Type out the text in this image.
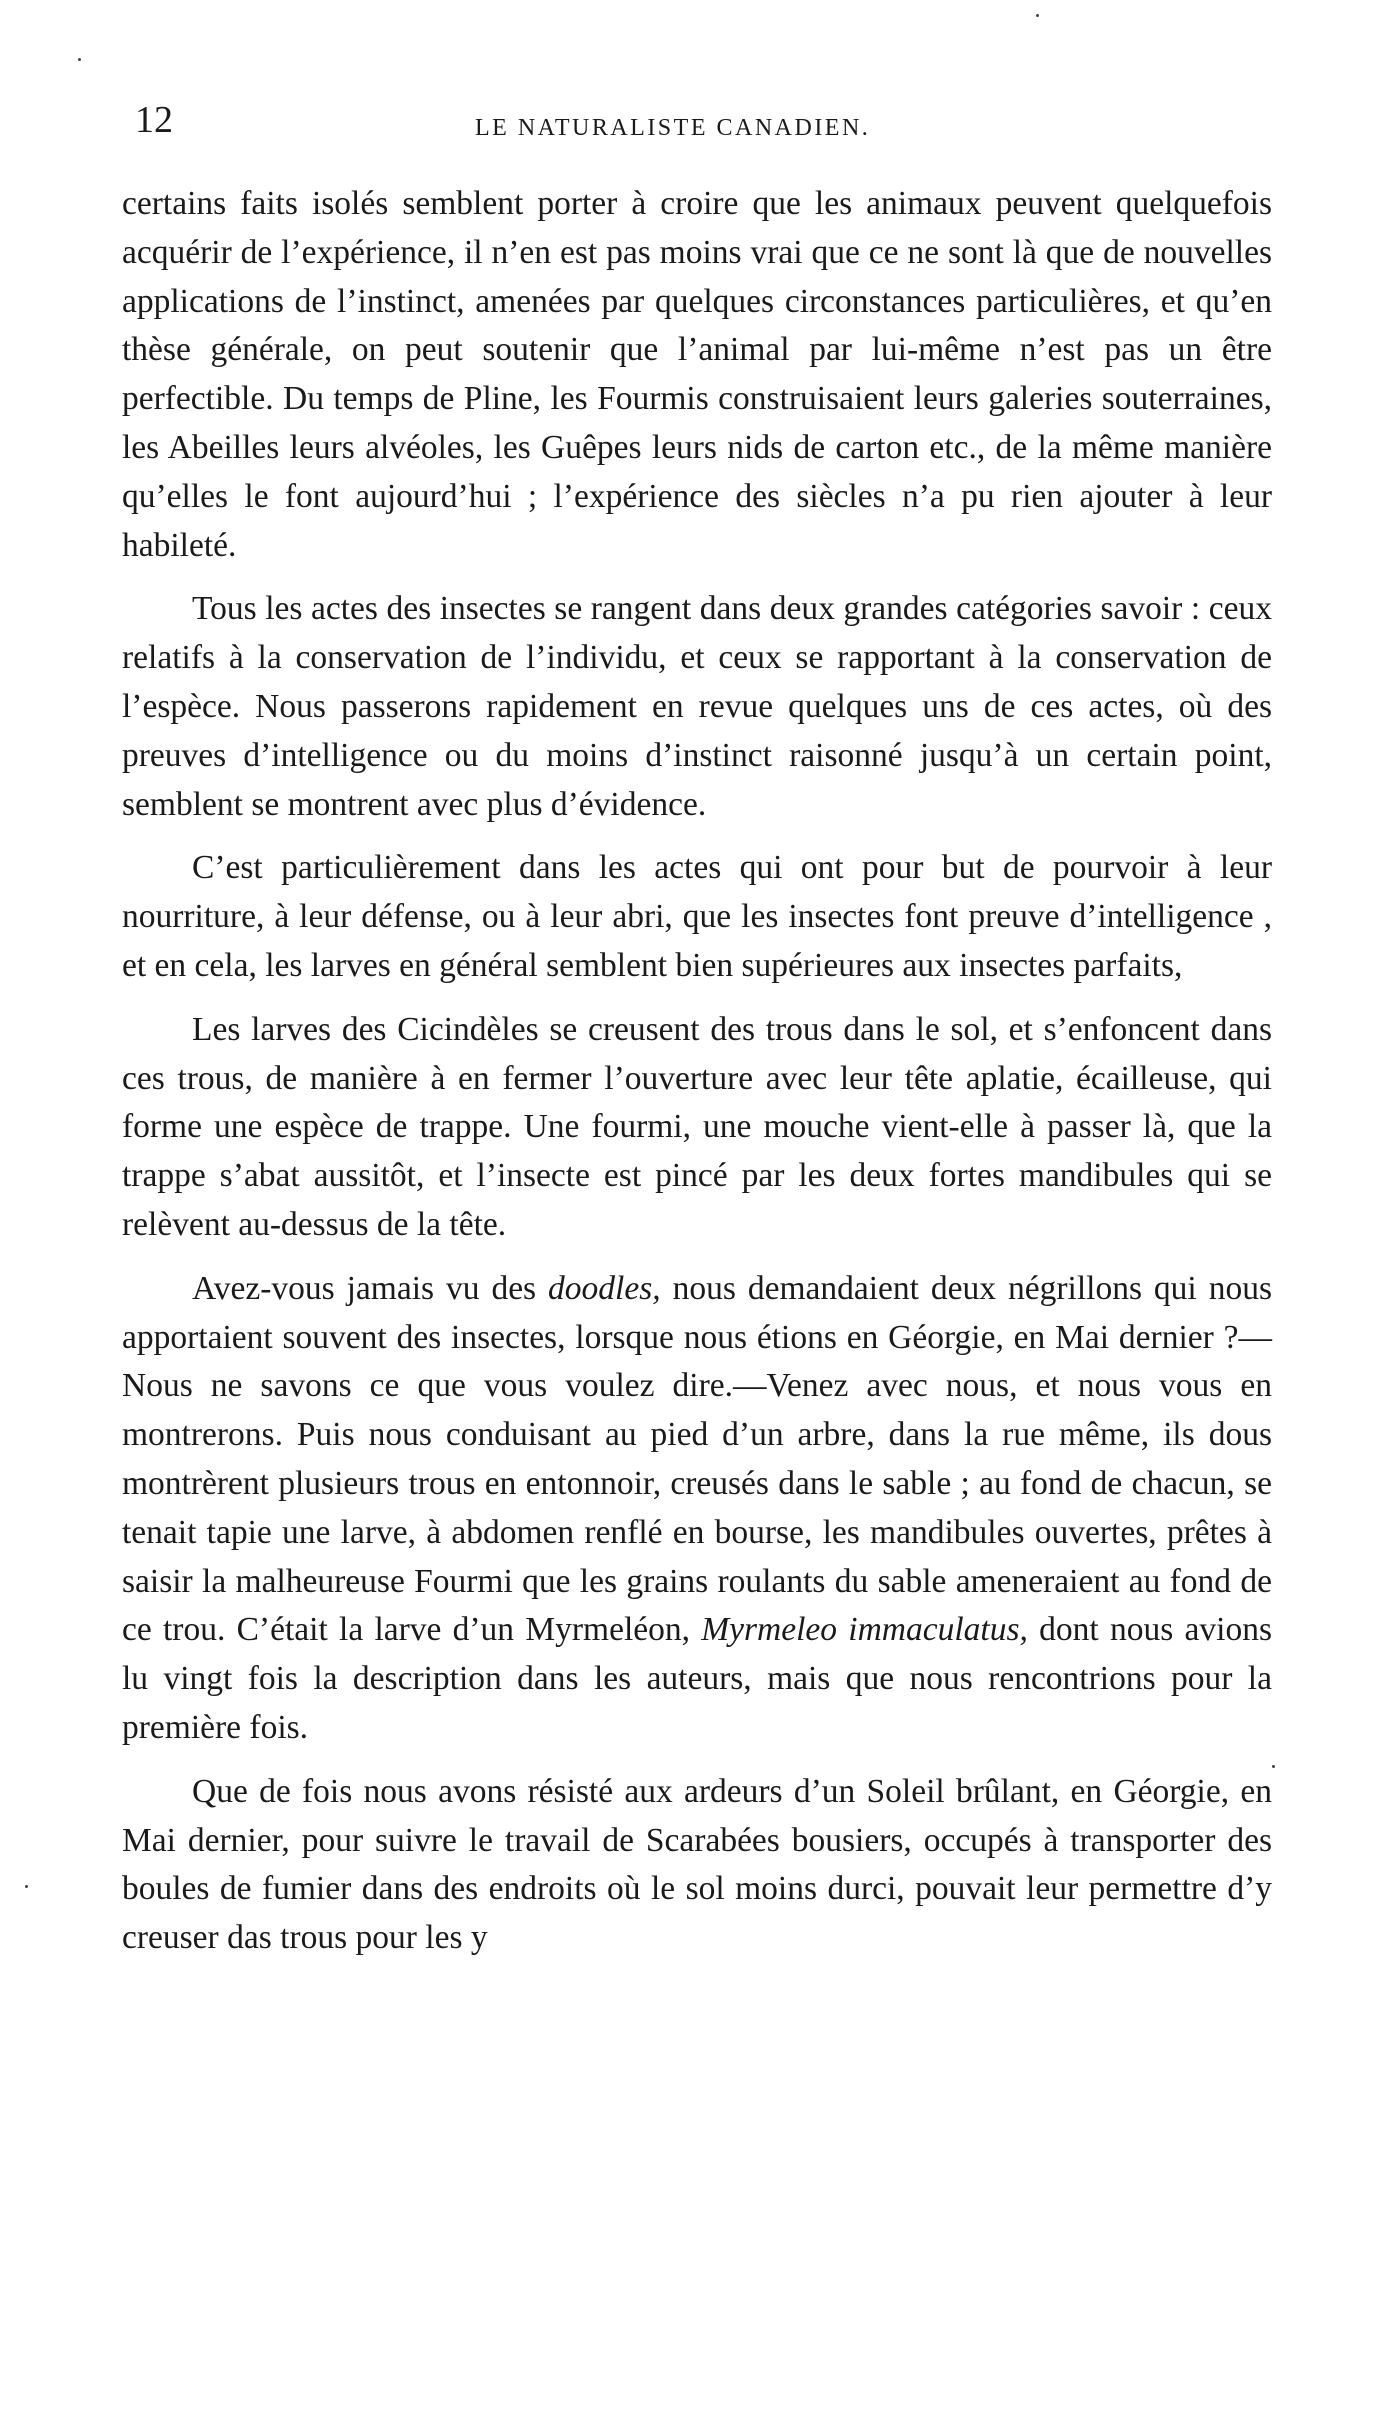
12	LE NATURALISTE CANADIEN.

certains faits isolés semblent porter à croire que les animaux peuvent quelquefois acquérir de l’expérience, il n’en est pas moins vrai que ce ne sont là que de nouvelles applications de l’instinct, amenées par quelques circonstances particulières, et qu’en thèse générale, on peut soutenir que l’animal par lui-même n’est pas un être perfectible. Du temps de Pline, les Fourmis construisaient leurs galeries souterraines, les Abeilles leurs alvéoles, les Guêpes leurs nids de carton etc., de la même manière qu’elles le font aujourd’hui ; l’expérience des siècles n’a pu rien ajouter à leur habileté.

Tous les actes des insectes se rangent dans deux grandes catégories savoir : ceux relatifs à la conservation de l’individu, et ceux se rapportant à la conservation de l’espèce. Nous passerons rapidement en revue quelques uns de ces actes, où des preuves d’intelligence ou du moins d’instinct raisonné jusqu’à un certain point, semblent se montrent avec plus d’évidence.

C’est particulièrement dans les actes qui ont pour but de pourvoir à leur nourriture, à leur défense, ou à leur abri, que les insectes font preuve d’intelligence , et en cela, les larves en général semblent bien supérieures aux insectes parfaits,

Les larves des Cicindèles se creusent des trous dans le sol, et s’enfoncent dans ces trous, de manière à en fermer l’ouverture avec leur tête aplatie, écailleuse, qui forme une espèce de trappe. Une fourmi, une mouche vient-elle à passer là, que la trappe s’abat aussitôt, et l’insecte est pincé par les deux fortes mandibules qui se relèvent au-dessus de la tête.

Avez-vous jamais vu des doodles, nous demandaient deux négrillons qui nous apportaient souvent des insectes, lorsque nous étions en Géorgie, en Mai dernier ?—Nous ne savons ce que vous voulez dire.—Venez avec nous, et nous vous en montrerons. Puis nous conduisant au pied d’un arbre, dans la rue même, ils dous montrèrent plusieurs trous en entonnoir, creusés dans le sable ; au fond de chacun, se tenait tapie une larve, à abdomen renflé en bourse, les mandibules ouvertes, prêtes à saisir la malheureuse Fourmi que les grains roulants du sable ameneraient au fond de ce trou. C’était la larve d’un Myrmeléon, Myrmeleo immaculatus, dont nous avions lu vingt fois la description dans les auteurs, mais que nous rencontrions pour la première fois.

Que de fois nous avons résisté aux ardeurs d’un Soleil brûlant, en Géorgie, en Mai dernier, pour suivre le travail de Scarabées bousiers, occupés à transporter des boules de fumier dans des endroits où le sol moins durci, pouvait leur permettre d’y creuser das trous pour les y
